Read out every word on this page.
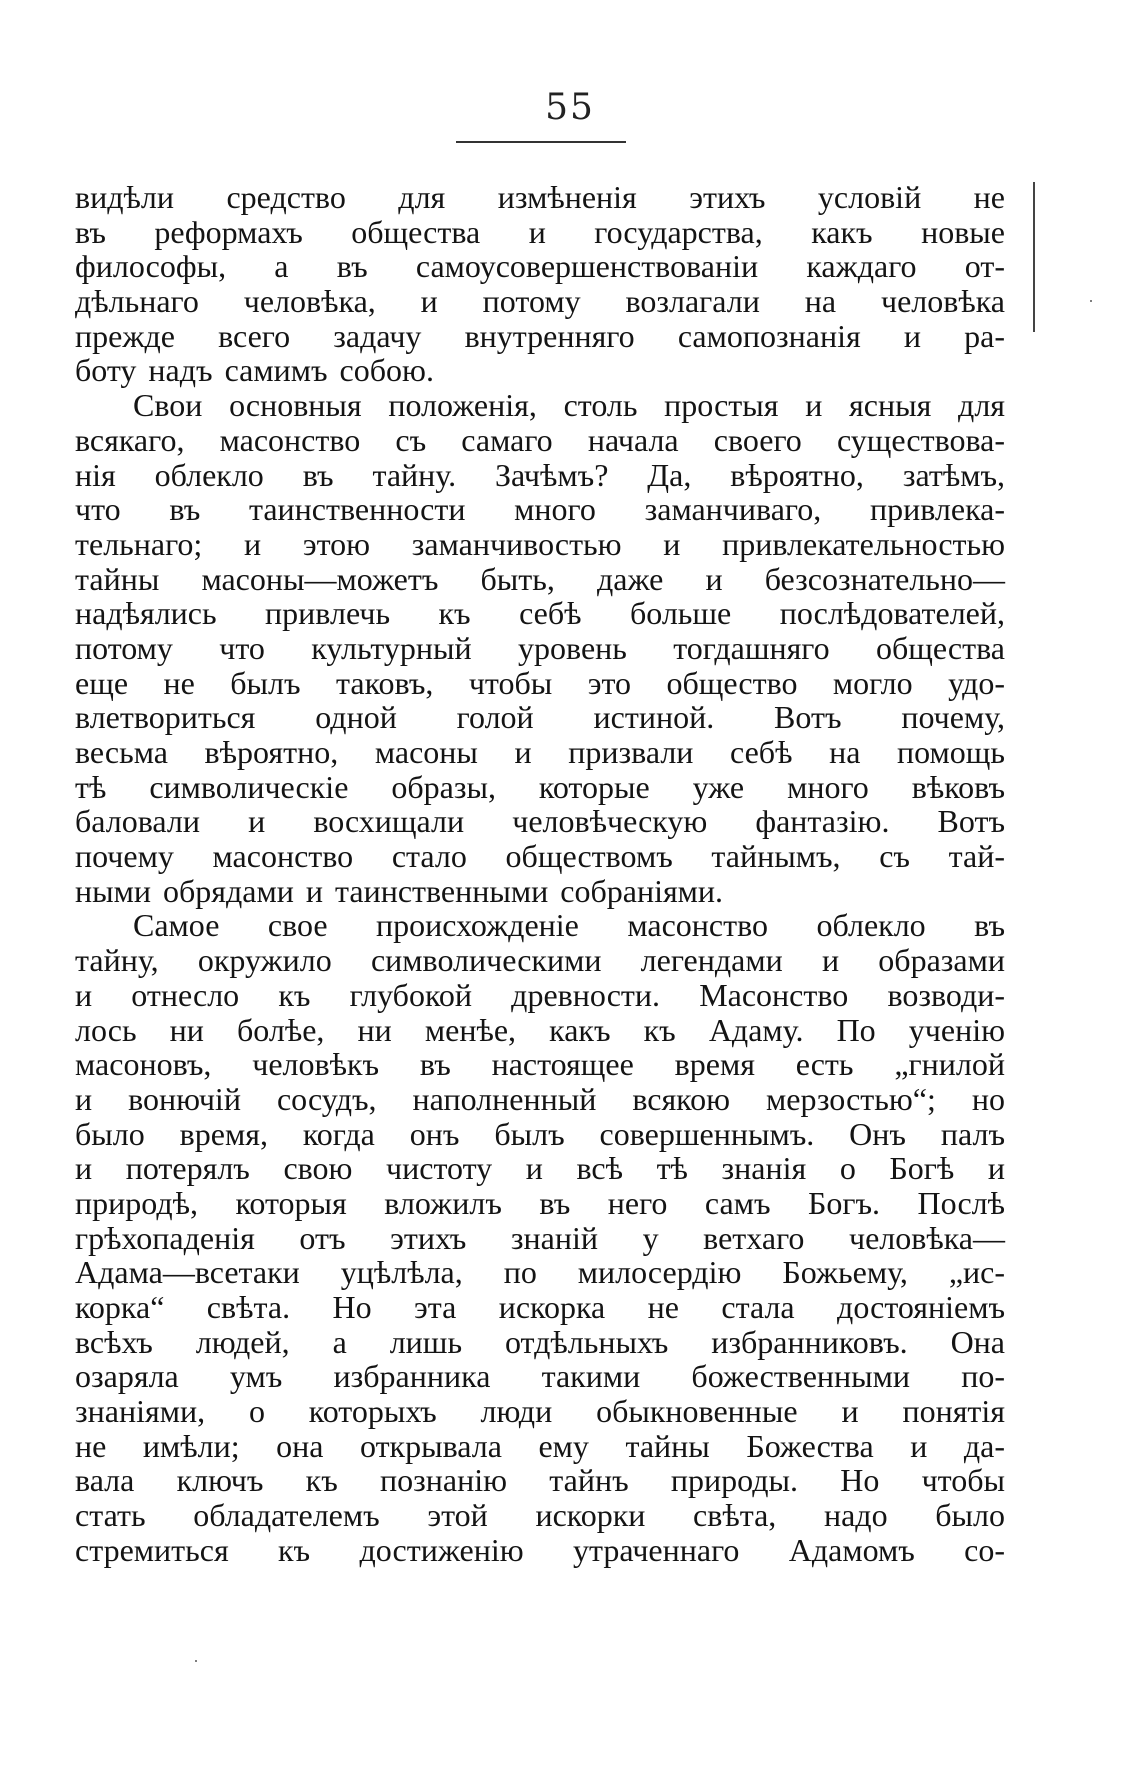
55
видѣли средство для измѣненія этихъ условій не
въ реформахъ общества и государства, какъ новые
философы, а въ самоусовершенствованіи каждаго от-
дѣльнаго человѣка, и потому возлагали на человѣка
прежде всего задачу внутренняго самопознанія и ра-
боту надъ самимъ собою.
Свои основныя положенія, столь простыя и ясныя для
всякаго, масонство съ самаго начала своего существова-
нія облекло въ тайну. Зачѣмъ? Да, вѣроятно, затѣмъ,
что въ таинственности много заманчиваго, привлека-
тельнаго; и этою заманчивостью и привлекательностью
тайны масоны—можетъ быть, даже и безсознательно—
надѣялись привлечь къ себѣ больше послѣдователей,
потому что культурный уровень тогдашняго общества
еще не былъ таковъ, чтобы это общество могло удо-
влетвориться одной голой истиной. Вотъ почему,
весьма вѣроятно, масоны и призвали себѣ на помощь
тѣ символическіе образы, которые уже много вѣковъ
баловали и восхищали человѣческую фантазію. Вотъ
почему масонство стало обществомъ тайнымъ, съ тай-
ными обрядами и таинственными собраніями.
Самое свое происхожденіе масонство облекло въ
тайну, окружило символическими легендами и образами
и отнесло къ глубокой древности. Масонство возводи-
лось ни болѣе, ни менѣе, какъ къ Адаму. По ученію
масоновъ, человѣкъ въ настоящее время есть „гнилой
и вонючій сосудъ, наполненный всякою мерзостью“; но
было время, когда онъ былъ совершеннымъ. Онъ палъ
и потерялъ свою чистоту и всѣ тѣ знанія о Богѣ и
природѣ, которыя вложилъ въ него самъ Богъ. Послѣ
грѣхопаденія отъ этихъ знаній у ветхаго человѣка—
Адама—всетаки уцѣлѣла, по милосердію Божьему, „ис-
корка“ свѣта. Но эта искорка не стала достояніемъ
всѣхъ людей, а лишь отдѣльныхъ избранниковъ. Она
озаряла умъ избранника такими божественными по-
знаніями, о которыхъ люди обыкновенные и понятія
не имѣли; она открывала ему тайны Божества и да-
вала ключъ къ познанію тайнъ природы. Но чтобы
стать обладателемъ этой искорки свѣта, надо было
стремиться къ достиженію утраченнаго Адамомъ со-
